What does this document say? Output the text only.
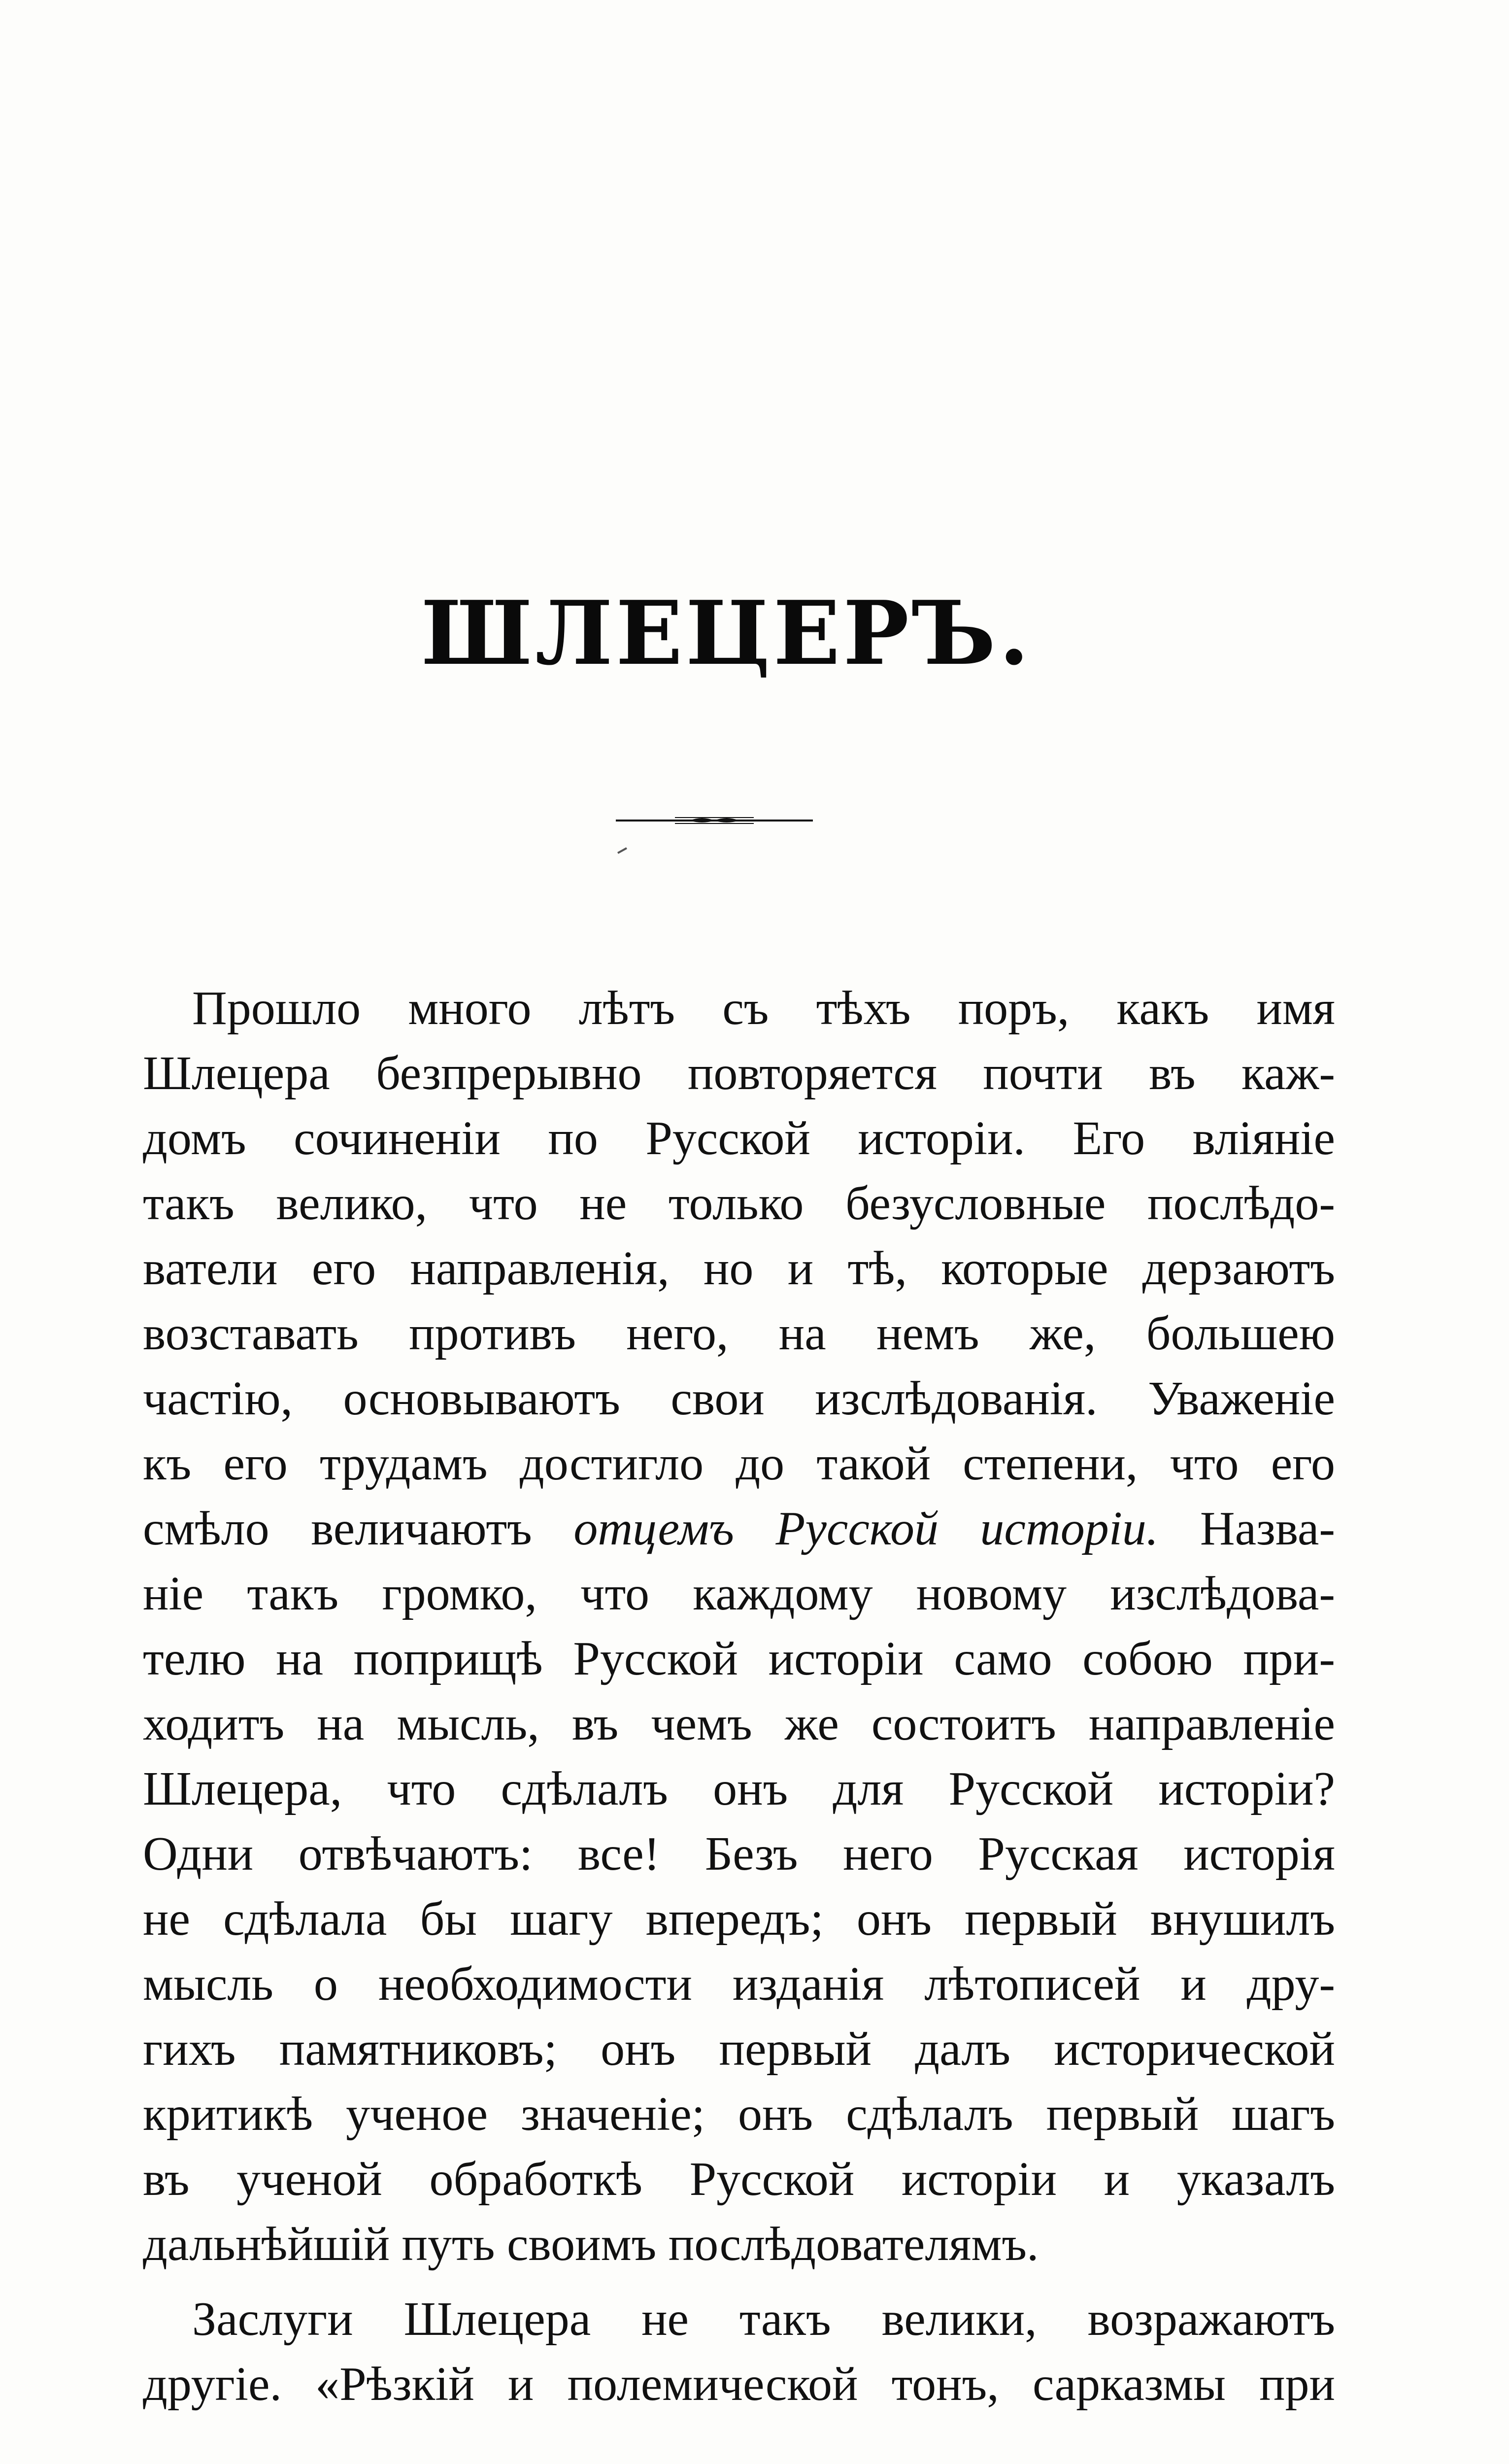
ШЛЕЦЕРЪ.
Прошло много лѣтъ съ тѣхъ поръ, какъ имя
Шлецера безпрерывно повторяется почти въ каж-
домъ сочиненіи по Русской исторіи. Его вліяніе
такъ велико, что не только безусловные послѣдо-
ватели его направленія, но и тѣ, которые дерзаютъ
возставать противъ него, на немъ же, большею
частію, основываютъ свои изслѣдованія. Уваженіе
къ его трудамъ достигло до такой степени, что его
смѣло величаютъ отцемъ Русской исторіи. Назва-
ніе такъ громко, что каждому новому изслѣдова-
телю на поприщѣ Русской исторіи само собою при-
ходитъ на мысль, въ чемъ же состоитъ направленіе
Шлецера, что сдѣлалъ онъ для Русской исторіи?
Одни отвѣчаютъ: все! Безъ него Русская исторія
не сдѣлала бы шагу впередъ; онъ первый внушилъ
мысль о необходимости изданія лѣтописей и дру-
гихъ памятниковъ; онъ первый далъ исторической
критикѣ ученое значеніе; онъ сдѣлалъ первый шагъ
въ ученой обработкѣ Русской исторіи и указалъ
дальнѣйшій путь своимъ послѣдователямъ.
Заслуги Шлецера не такъ велики, возражаютъ
другіе. «Рѣзкій и полемической тонъ, сарказмы при
